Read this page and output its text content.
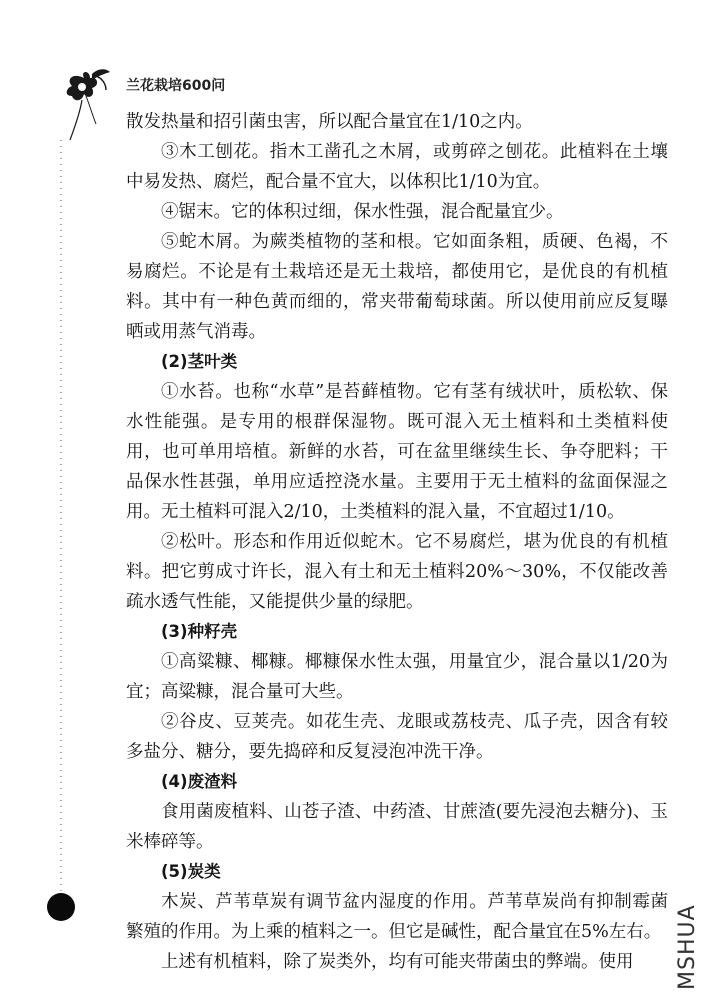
兰花栽培600问

散发热量和招引菌虫害，所以配合量宜在1/10之内。

③木工刨花。指木工凿孔之木屑，或剪碎之刨花。此植料在土壤中易发热、腐烂，配合量不宜大，以体积比1/10为宜。

④锯末。它的体积过细，保水性强，混合配量宜少。

⑤蛇木屑。为蕨类植物的茎和根。它如面条粗，质硬、色褐，不易腐烂。不论是有土栽培还是无土栽培，都使用它，是优良的有机植料。其中有一种色黄而细的，常夹带葡萄球菌。所以使用前应反复曝晒或用蒸气消毒。

(2)茎叶类

①水苔。也称“水草”是苔藓植物。它有茎有绒状叶，质松软、保水性能强。是专用的根群保湿物。既可混入无土植料和土类植料使用，也可单用培植。新鲜的水苔，可在盆里继续生长、争夺肥料；干品保水性甚强，单用应适控浇水量。主要用于无土植料的盆面保湿之用。无土植料可混入2/10，土类植料的混入量，不宜超过1/10。

②松叶。形态和作用近似蛇木。它不易腐烂，堪为优良的有机植料。把它剪成寸许长，混入有土和无土植料20%～30%，不仅能改善疏水透气性能，又能提供少量的绿肥。

(3)种籽壳

①高粱糠、椰糠。椰糠保水性太强，用量宜少，混合量以1/20为宜；高粱糠，混合量可大些。

②谷皮、豆荚壳。如花生壳、龙眼或荔枝壳、瓜子壳，因含有较多盐分、糖分，要先捣碎和反复浸泡冲洗干净。

(4)废渣料

食用菌废植料、山苍子渣、中药渣、甘蔗渣(要先浸泡去糖分)、玉米棒碎等。

(5)炭类

木炭、芦苇草炭有调节盆内湿度的作用。芦苇草炭尚有抑制霉菌繁殖的作用。为上乘的植料之一。但它是碱性，配合量宜在5%左右。

上述有机植料，除了炭类外，均有可能夹带菌虫的弊端。使用	MSHUA
